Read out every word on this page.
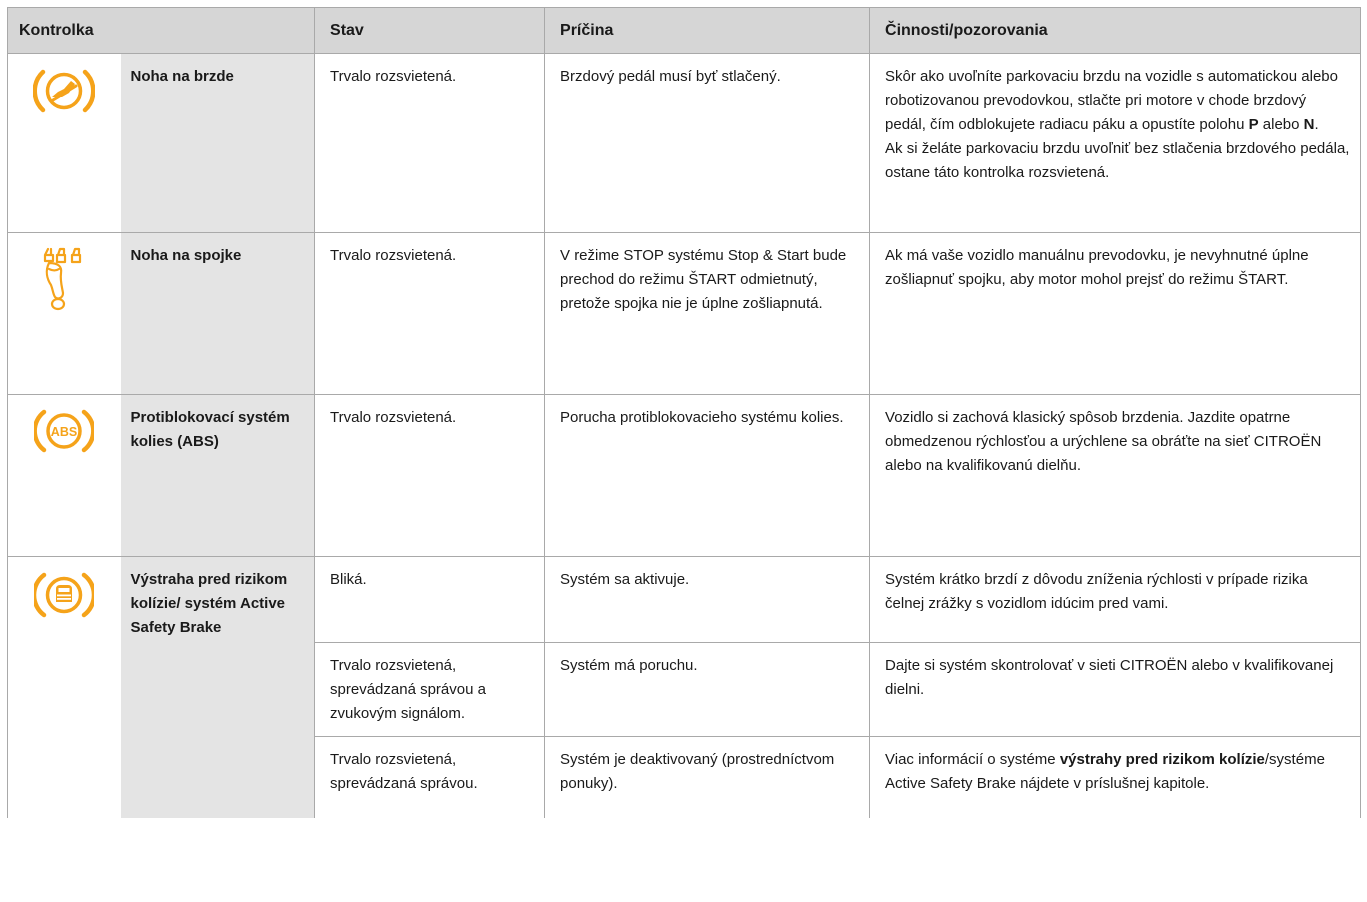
Kontrolka		Stav	Príčina	Činnosti/pozorovania

	Noha na brzde	Trvalo rozsvietená.	Brzdový pedál musí byť stlačený.	Skôr ako uvoľníte parkovaciu brzdu na vozidle s automatickou alebo robotizovanou prevodovkou, stlačte pri motore v chode brzdový pedál, čím odblokujete radiacu páku a opustíte polohu P alebo N.
Ak si želáte parkovaciu brzdu uvoľniť bez stlačenia brzdového pedála, ostane táto kontrolka rozsvietená.

	Noha na spojke	Trvalo rozsvietená.	V režime STOP systému Stop & Start bude prechod do režimu ŠTART odmietnutý, pretože spojka nie je úplne zošliapnutá.	Ak má vaše vozidlo manuálnu prevodovku, je nevyhnutné úplne zošliapnuť spojku, aby motor mohol prejsť do režimu ŠTART.

ABS	Protiblokovací systém kolies (ABS)	Trvalo rozsvietená.	Porucha protiblokovacieho systému kolies.	Vozidlo si zachová klasický spôsob brzdenia. Jazdite opatrne obmedzenou rýchlosťou a urýchlene sa obráťte na sieť CITROËN alebo na kvalifikovanú dielňu.

	Výstraha pred rizikom kolízie/ systém Active Safety Brake	Bliká.	Systém sa aktivuje.	Systém krátko brzdí z dôvodu zníženia rýchlosti v prípade rizika čelnej zrážky s vozidlom idúcim pred vami.
		Trvalo rozsvietená, sprevádzaná správou a zvukovým signálom.	Systém má poruchu.	Dajte si systém skontrolovať v sieti CITROËN alebo v kvalifikovanej dielni.
		Trvalo rozsvietená, sprevádzaná správou.	Systém je deaktivovaný (prostredníctvom ponuky).	Viac informácií o systéme výstrahy pred rizikom kolízie/systéme Active Safety Brake nájdete v príslušnej kapitole.
